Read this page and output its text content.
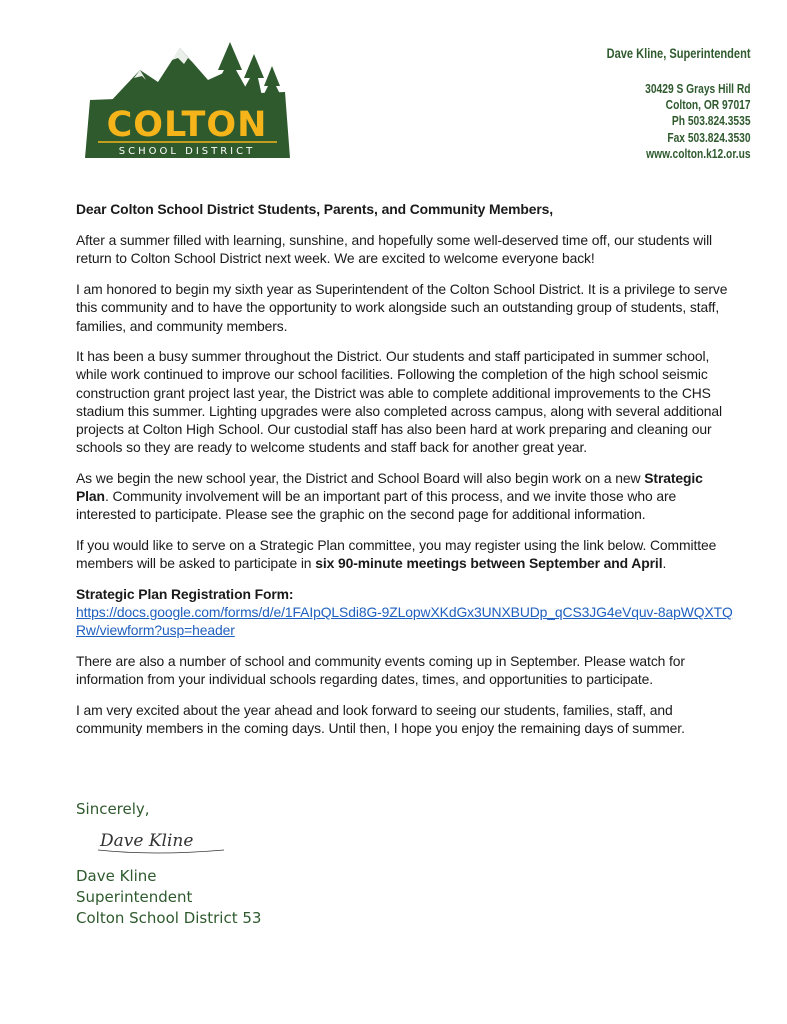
COLTON
SCHOOL DISTRICT
Dave Kline, Superintendent
30429 S Grays Hill Rd
Colton, OR 97017
Ph 503.824.3535
Fax 503.824.3530
www.colton.k12.or.us

Dear Colton School District Students, Parents, and Community Members,

After a summer filled with learning, sunshine, and hopefully some well-deserved time off, our students will return to Colton School District next week. We are excited to welcome everyone back!

I am honored to begin my sixth year as Superintendent of the Colton School District. It is a privilege to serve this community and to have the opportunity to work alongside such an outstanding group of students, staff, families, and community members.

It has been a busy summer throughout the District. Our students and staff participated in summer school, while work continued to improve our school facilities. Following the completion of the high school seismic construction grant project last year, the District was able to complete additional improvements to the CHS stadium this summer. Lighting upgrades were also completed across campus, along with several additional projects at Colton High School. Our custodial staff has also been hard at work preparing and cleaning our schools so they are ready to welcome students and staff back for another great year.

As we begin the new school year, the District and School Board will also begin work on a new Strategic Plan. Community involvement will be an important part of this process, and we invite those who are interested to participate. Please see the graphic on the second page for additional information.

If you would like to serve on a Strategic Plan committee, you may register using the link below. Committee members will be asked to participate in six 90-minute meetings between September and April.

Strategic Plan Registration Form:
https://docs.google.com/forms/d/e/1FAIpQLSdi8G-9ZLopwXKdGx3UNXBUDp_qCS3JG4eVquv-8apWQXTQRw/viewform?usp=header

There are also a number of school and community events coming up in September. Please watch for information from your individual schools regarding dates, times, and opportunities to participate.

I am very excited about the year ahead and look forward to seeing our students, families, staff, and community members in the coming days. Until then, I hope you enjoy the remaining days of summer.

Sincerely,

Dave Kline
Dave Kline
Superintendent
Colton School District 53
